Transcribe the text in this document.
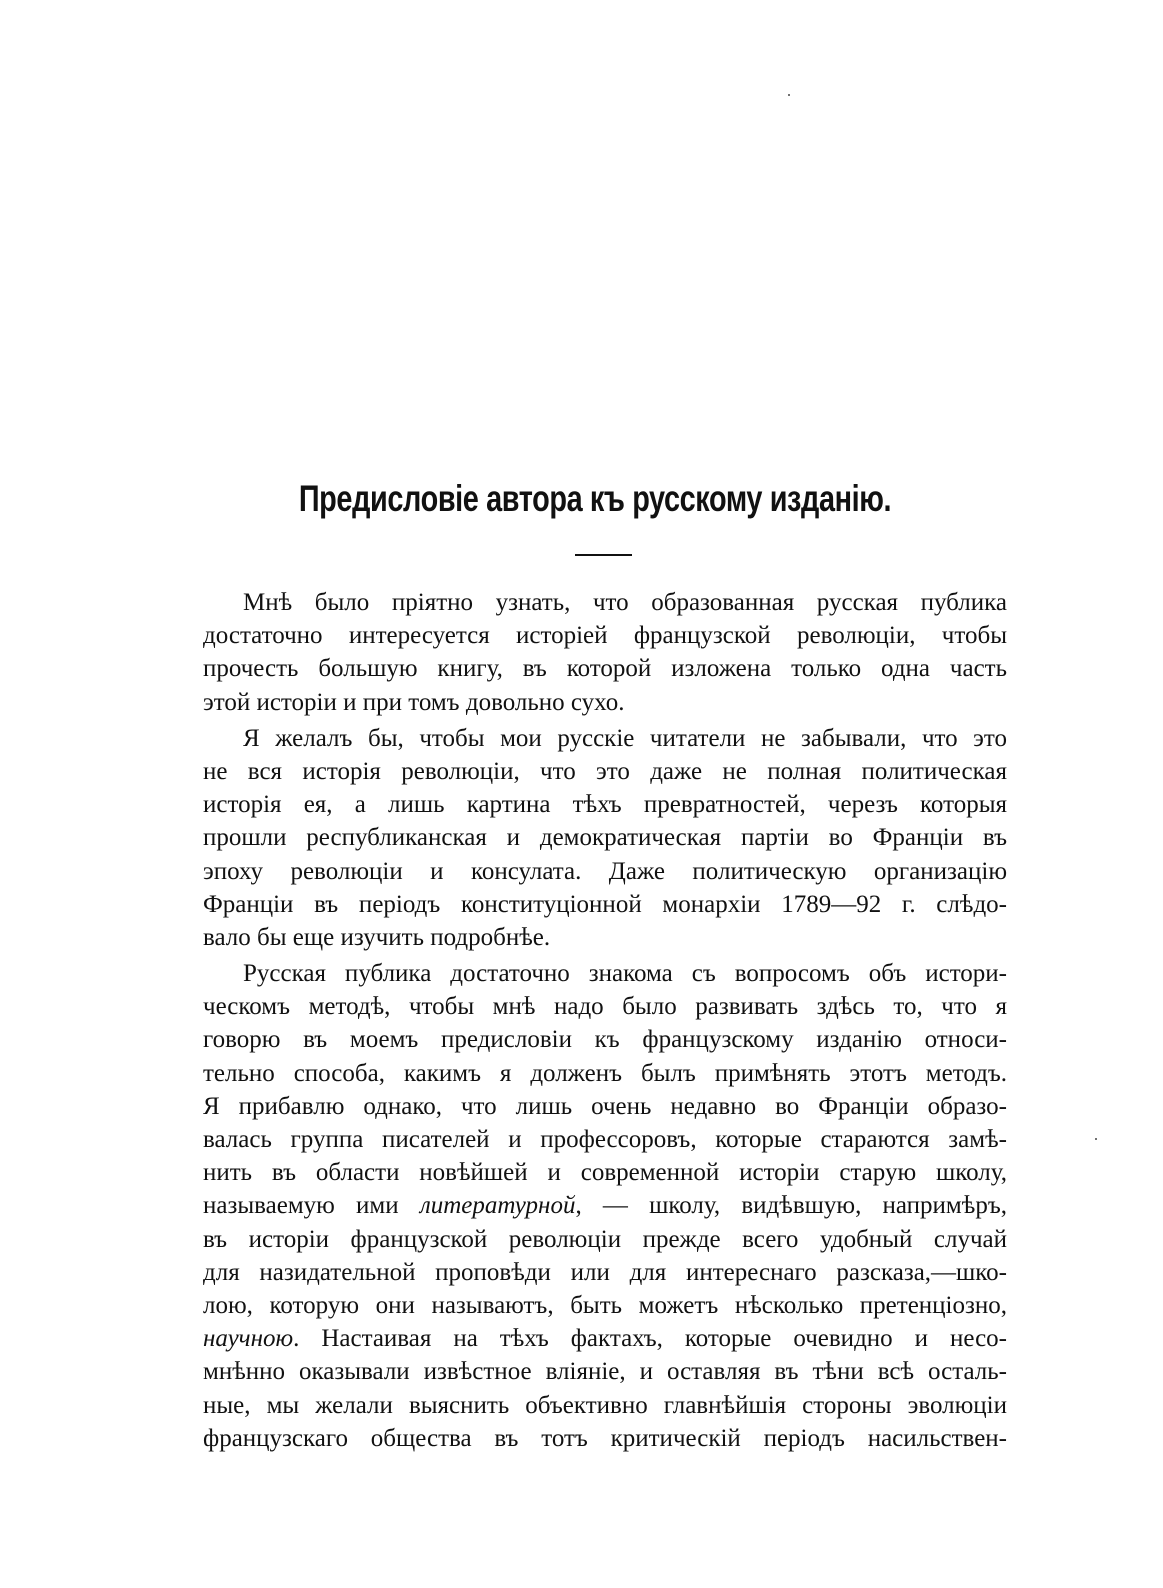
Предисловіе автора къ русскому изданію.
Мнѣ было пріятно узнать, что образованная русская публика
достаточно интересуется исторіей французской революціи, чтобы
прочесть большую книгу, въ которой изложена только одна часть
этой исторіи и при томъ довольно сухо.
Я желалъ бы, чтобы мои русскіе читатели не забывали, что это
не вся исторія революціи, что это даже не полная политическая
исторія ея, а лишь картина тѣхъ превратностей, черезъ которыя
прошли республиканская и демократическая партіи во Франціи въ
эпоху революціи и консулата. Даже политическую организацію
Франціи въ періодъ конституціонной монархіи 1789—92 г. слѣдо-
вало бы еще изучить подробнѣе.
Русская публика достаточно знакома съ вопросомъ объ истори-
ческомъ методѣ, чтобы мнѣ надо было развивать здѣсь то, что я
говорю въ моемъ предисловіи къ французскому изданію относи-
тельно способа, какимъ я долженъ былъ примѣнять этотъ методъ.
Я прибавлю однако, что лишь очень недавно во Франціи образо-
валась группа писателей и профессоровъ, которые стараются замѣ-
нить въ области новѣйшей и современной исторіи старую школу,
называемую ими литературной, — школу, видѣвшую, напримѣръ,
въ исторіи французской революціи прежде всего удобный случай
для назидательной проповѣди или для интереснаго разсказа,—шко-
лою, которую они называютъ, быть можетъ нѣсколько претенціозно,
научною. Настаивая на тѣхъ фактахъ, которые очевидно и несо-
мнѣнно оказывали извѣстное вліяніе, и оставляя въ тѣни всѣ осталь-
ные, мы желали выяснить объективно главнѣйшія стороны эволюціи
французскаго общества въ тотъ критическій періодъ насильствен-
